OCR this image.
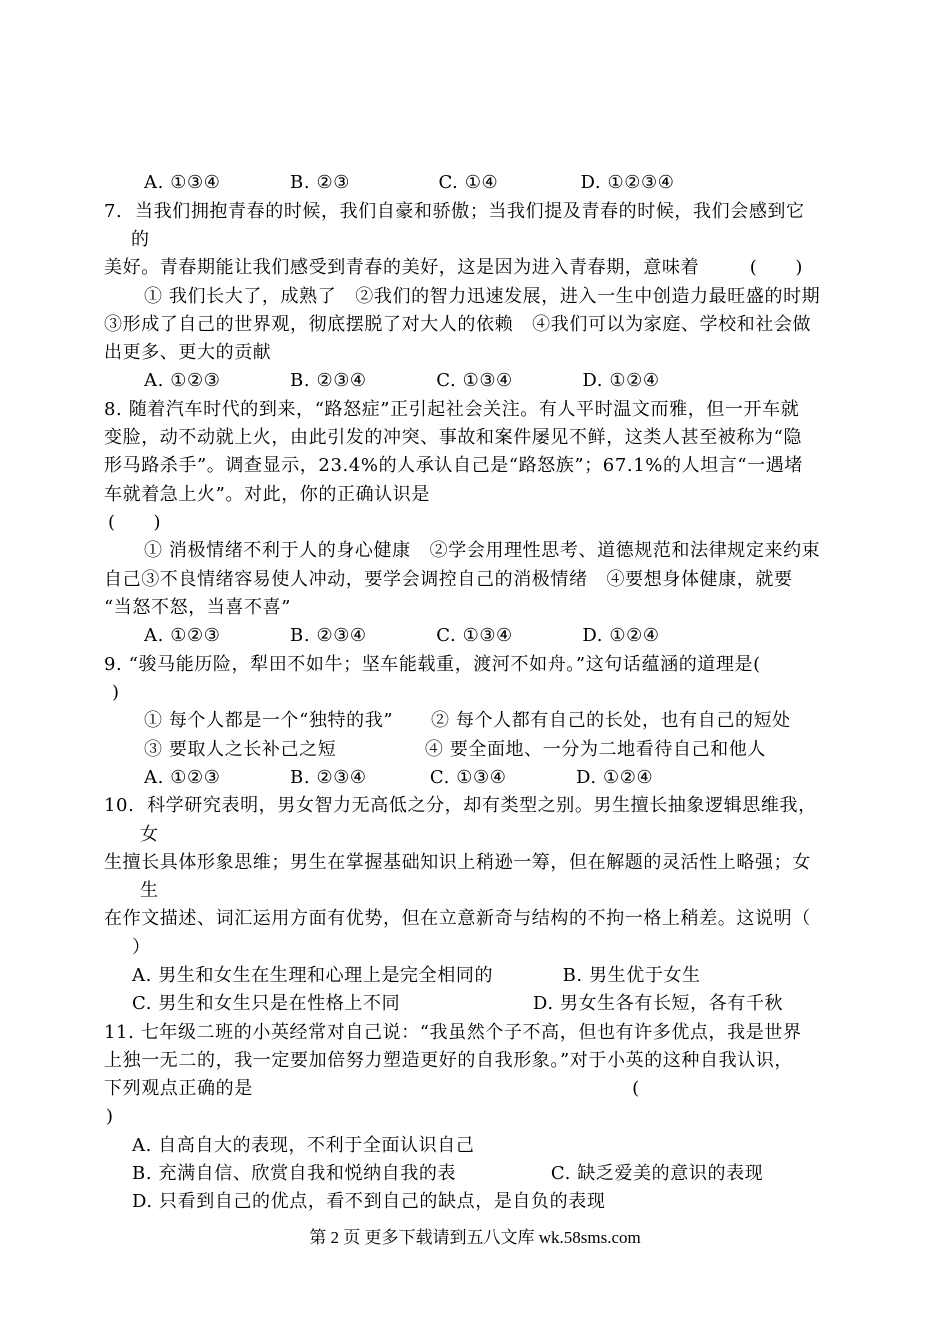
A. ①③④           B. ②③              C. ①④             D. ①②③④
7.  当我们拥抱青春的时候，我们自豪和骄傲；当我们提及青春的时候，我们会感到它
的
美好。青春期能让我们感受到青春的美好，这是因为进入青春期，意味着        (      )
① 我们长大了，成熟了   ②我们的智力迅速发展，进入一生中创造力最旺盛的时期
③形成了自己的世界观，彻底摆脱了对大人的依赖   ④我们可以为家庭、学校和社会做
出更多、更大的贡献
A. ①②③           B. ②③④           C. ①③④           D. ①②④
8. 随着汽车时代的到来，“路怒症”正引起社会关注。有人平时温文而雅，但一开车就
变脸，动不动就上火，由此引发的冲突、事故和案件屡见不鲜，这类人甚至被称为“隐
形马路杀手”。调查显示，23.4%的人承认自己是“路怒族”；67.1%的人坦言“一遇堵
车就着急上火”。对此，你的正确认识是
(      )
① 消极情绪不利于人的身心健康   ②学会用理性思考、道德规范和法律规定来约束
自己③不良情绪容易使人冲动，要学会调控自己的消极情绪   ④要想身体健康，就要
“当怒不怒，当喜不喜”
A. ①②③           B. ②③④           C. ①③④           D. ①②④
9. “骏马能历险，犁田不如牛；坚车能载重，渡河不如舟。”这句话蕴涵的道理是(
)
① 每个人都是一个“独特的我”      ② 每个人都有自己的长处，也有自己的短处
③ 要取人之长补己之短              ④ 要全面地、一分为二地看待自己和他人
A. ①②③           B. ②③④          C. ①③④           D. ①②④
10.  科学研究表明，男女智力无高低之分，却有类型之别。男生擅长抽象逻辑思维我，
女
生擅长具体形象思维；男生在掌握基础知识上稍逊一筹，但在解题的灵活性上略强；女
生
在作文描述、词汇运用方面有优势，但在立意新奇与结构的不拘一格上稍差。这说明（
）
A. 男生和女生在生理和心理上是完全相同的           B. 男生优于女生
C. 男生和女生只是在性格上不同                     D. 男女生各有长短，各有千秋
11. 七年级二班的小英经常对自己说：“我虽然个子不高，但也有许多优点，我是世界
上独一无二的，我一定要加倍努力塑造更好的自我形象。”对于小英的这种自我认识，
下列观点正确的是                                                            (
)
A. 自高自大的表现，不利于全面认识自己
B. 充满自信、欣赏自我和悦纳自我的表               C. 缺乏爱美的意识的表现
D. 只看到自己的优点，看不到自己的缺点，是自负的表现
第 2 页 更多下载请到五八文库 wk.58sms.com
